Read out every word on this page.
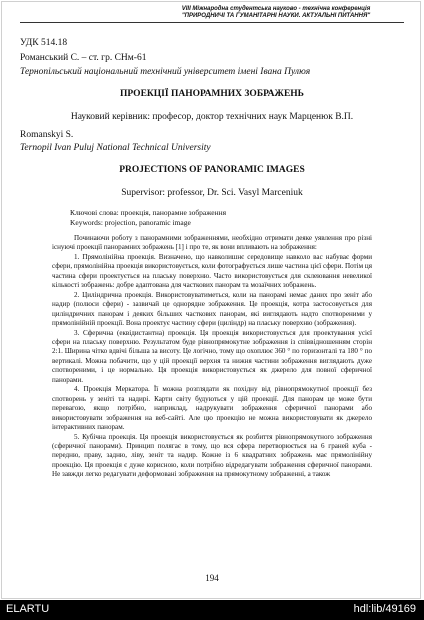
VIII Міжнародна студентська науково - технічна конференція
"ПРИРОДНИЧІ ТА ГУМАНІТАРНІ НАУКИ. АКТУАЛЬНІ ПИТАННЯ"
УДК 514.18
Романський С. – ст. гр. СНм-61
Тернопільський національний технічний університет імені Івана Пулюя
ПРОЕКЦІЇ ПАНОРАМНИХ ЗОБРАЖЕНЬ
Науковий керівник: професор, доктор технічних наук Марценюк В.П.
Romanskyi S.
Ternopil Ivan Puluj National Technical University
PROJECTIONS OF PANORAMIC IMAGES
Supervisor: professor, Dr. Sci. Vasyl Marceniuk
Ключові слова: проекція, панорамне зображення
Keywords: projection, panoramic image

Починаючи роботу з панорамними зображеннями, необхідно отримати деяке уявлення про різні існуючі проекції панорамних зображень [1] і про те, як вони впливають на зображення:

1. Прямолінійна проекція. Визначено, що навколишнє середовище навколо вас набуває форми сфери, прямолінійна проекція використовується, коли фотографується лише частина цієї сфери. Потім ця частина сфери проектується на плаську поверхню. Часто використовується для склеювання невеликої кількості зображень: добре адаптована для часткових панорам та мозаїчних зображень.

2. Циліндрична проекція. Використовуватиметься, коли на панорамі немає даних про зеніт або надир (полюси сфери) - зазвичай це однорядне зображення. Це проекція, котра застосовується для циліндричних панорам і деяких більших часткових панорам, які виглядають надто спотвореними у прямолінійній проекції. Вона проектує частину сфери (циліндр) на плаську поверхню (зображення).

3. Сферична (еквідистантна) проекція. Ця проекція використовується для проектування усієї сфери на плаську поверхню. Результатом буде рівнопрямокутне зображення із співвідношенням сторін 2:1. Ширина чітко вдвічі більша за висоту. Це логічно, тому що охоплює 360 ° по горизонталі та 180 ° по вертикалі. Можна побачити, що у цій проекції верхня та нижня частини зображення виглядають дуже спотвореними, і це нормально. Ця проекція використовується як джерело для повної сферичної панорами.

4. Проекція Меркатора. Її можна розглядати як похідну від рівнопрямокутної проекції без спотворень у зеніті та надирі. Карти світу будуються у цій проекції. Для панорам це може бути перевагою, якщо потрібно, наприклад, надрукувати зображення сферичної панорами або використовувати зображення на веб-сайті. Але цю проекцію не можна використовувати як джерело інтерактивних панорам.

5. Кубічна проекція. Ця проекція використовується як розбиття рівнопрямокутного зображення (сферичної панорами). Принцип полягає в тому, що вся сфера перетворюється на 6 граней куба - передню, праву, задню, ліву, зеніт та надир. Кожне із 6 квадратних зображень має прямолінійну проекцію. Ця проекція є дуже корисною, коли потрібно відредагувати зображення сферичної панорами. Не завжди легко редагувати деформовані зображення на прямокутному зображенні, а також

194
ELARTU	hdl:lib/49169
